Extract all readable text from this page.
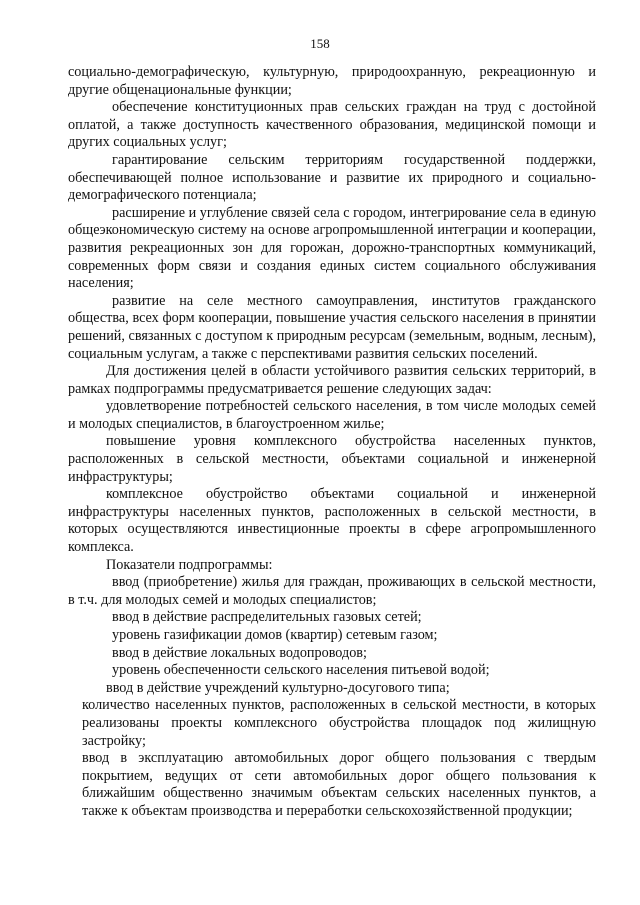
158

социально-демографическую, культурную, природоохранную, рекреационную и другие общенациональные функции;

обеспечение конституционных прав сельских граждан на труд с достойной оплатой, а также доступность качественного образования, медицинской помощи и других социальных услуг;

гарантирование сельским территориям государственной поддержки, обеспечивающей полное использование и развитие их природного и социально-демографического потенциала;

расширение и углубление связей села с городом, интегрирование села в единую общеэкономическую систему на основе агропромышленной интеграции и кооперации, развития рекреационных зон для горожан, дорожно-транспортных коммуникаций, современных форм связи и создания единых систем социального обслуживания населения;

развитие на селе местного самоуправления, институтов гражданского общества, всех форм кооперации, повышение участия сельского населения в принятии решений, связанных с доступом к природным ресурсам (земельным, водным, лесным), социальным услугам, а также с перспективами развития сельских поселений.

Для достижения целей в области устойчивого развития сельских территорий, в рамках подпрограммы предусматривается решение следующих задач:

удовлетворение потребностей сельского населения, в том числе молодых семей и молодых специалистов, в благоустроенном жилье;

повышение уровня комплексного обустройства населенных пунктов, расположенных в сельской местности, объектами социальной и инженерной инфраструктуры;

комплексное обустройство объектами социальной и инженерной инфраструктуры населенных пунктов, расположенных в сельской местности, в которых осуществляются инвестиционные проекты в сфере агропромышленного комплекса.

Показатели подпрограммы:

ввод (приобретение) жилья для граждан, проживающих в сельской местности, в т.ч. для молодых семей и молодых специалистов;

ввод в действие распределительных газовых сетей;

уровень газификации домов (квартир) сетевым газом;

ввод в действие локальных водопроводов;

уровень обеспеченности сельского населения питьевой водой;

ввод в действие учреждений культурно-досугового типа;

количество населенных пунктов, расположенных в сельской местности, в которых реализованы проекты комплексного обустройства площадок под жилищную застройку;

ввод в эксплуатацию автомобильных дорог общего пользования с твердым покрытием, ведущих от сети автомобильных дорог общего пользования к ближайшим общественно значимым объектам сельских населенных пунктов, а также к объектам производства и переработки сельскохозяйственной продукции;
